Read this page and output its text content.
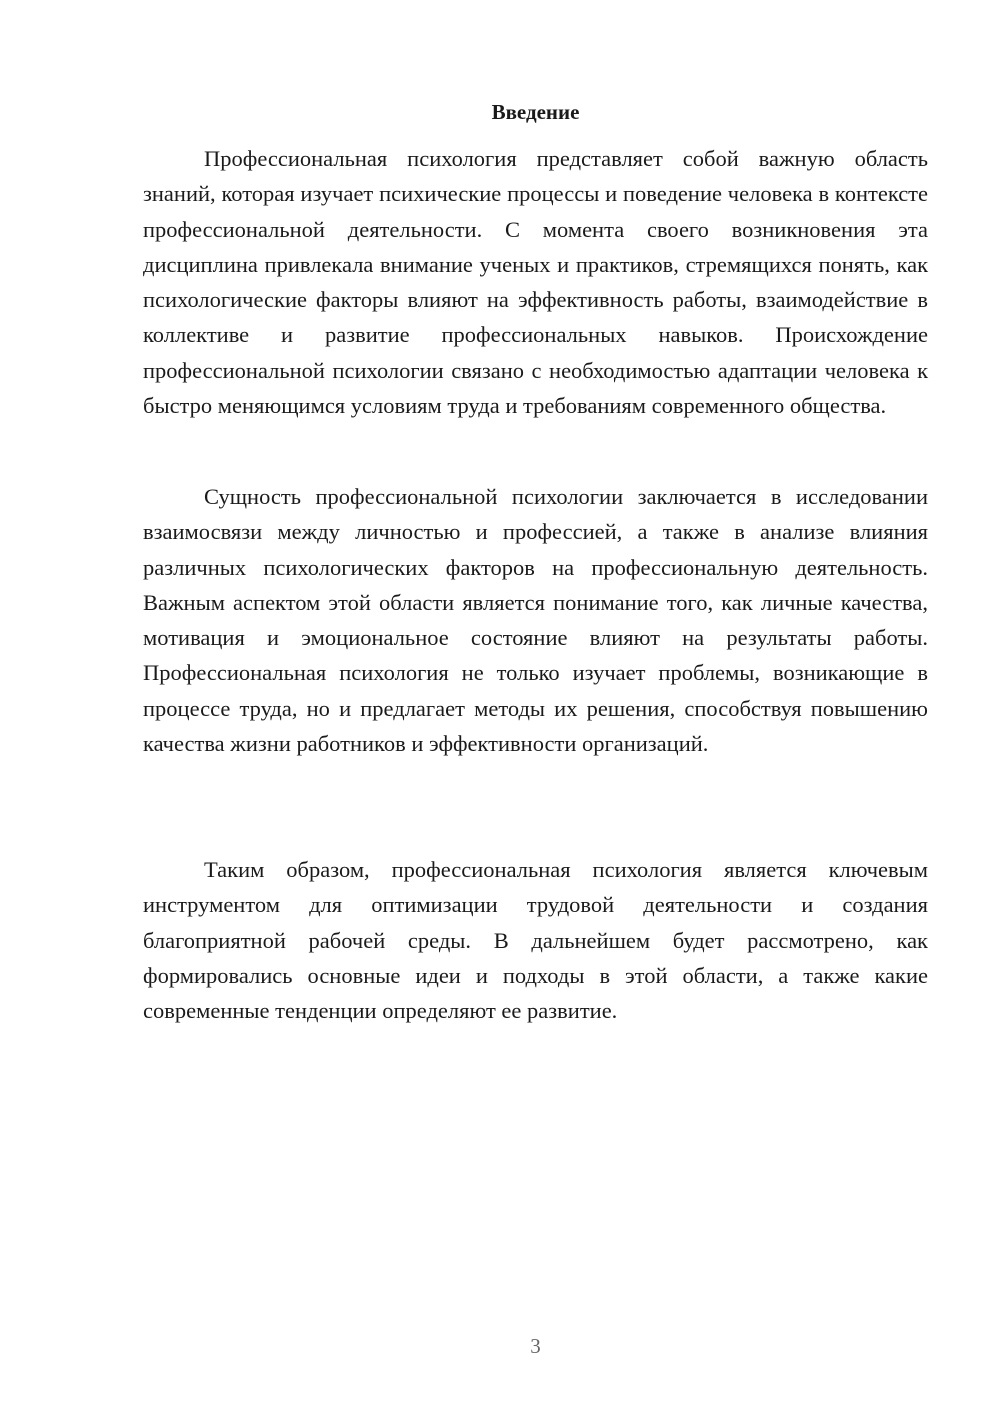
Введение

Профессиональная психология представляет собой важную область знаний, которая изучает психические процессы и поведение человека в контексте профессиональной деятельности. С момента своего возникновения эта дисциплина привлекала внимание ученых и практиков, стремящихся понять, как психологические факторы влияют на эффективность работы, взаимодействие в коллективе и развитие профессиональных навыков. Происхождение профессиональной психологии связано с необходимостью адаптации человека к быстро меняющимся условиям труда и требованиям современного общества.

Сущность профессиональной психологии заключается в исследовании взаимосвязи между личностью и профессией, а также в анализе влияния различных психологических факторов на профессиональную деятельность. Важным аспектом этой области является понимание того, как личные качества, мотивация и эмоциональное состояние влияют на результаты работы. Профессиональная психология не только изучает проблемы, возникающие в процессе труда, но и предлагает методы их решения, способствуя повышению качества жизни работников и эффективности организаций.

Таким образом, профессиональная психология является ключевым инструментом для оптимизации трудовой деятельности и создания благоприятной рабочей среды. В дальнейшем будет рассмотрено, как формировались основные идеи и подходы в этой области, а также какие современные тенденции определяют ее развитие.

3
